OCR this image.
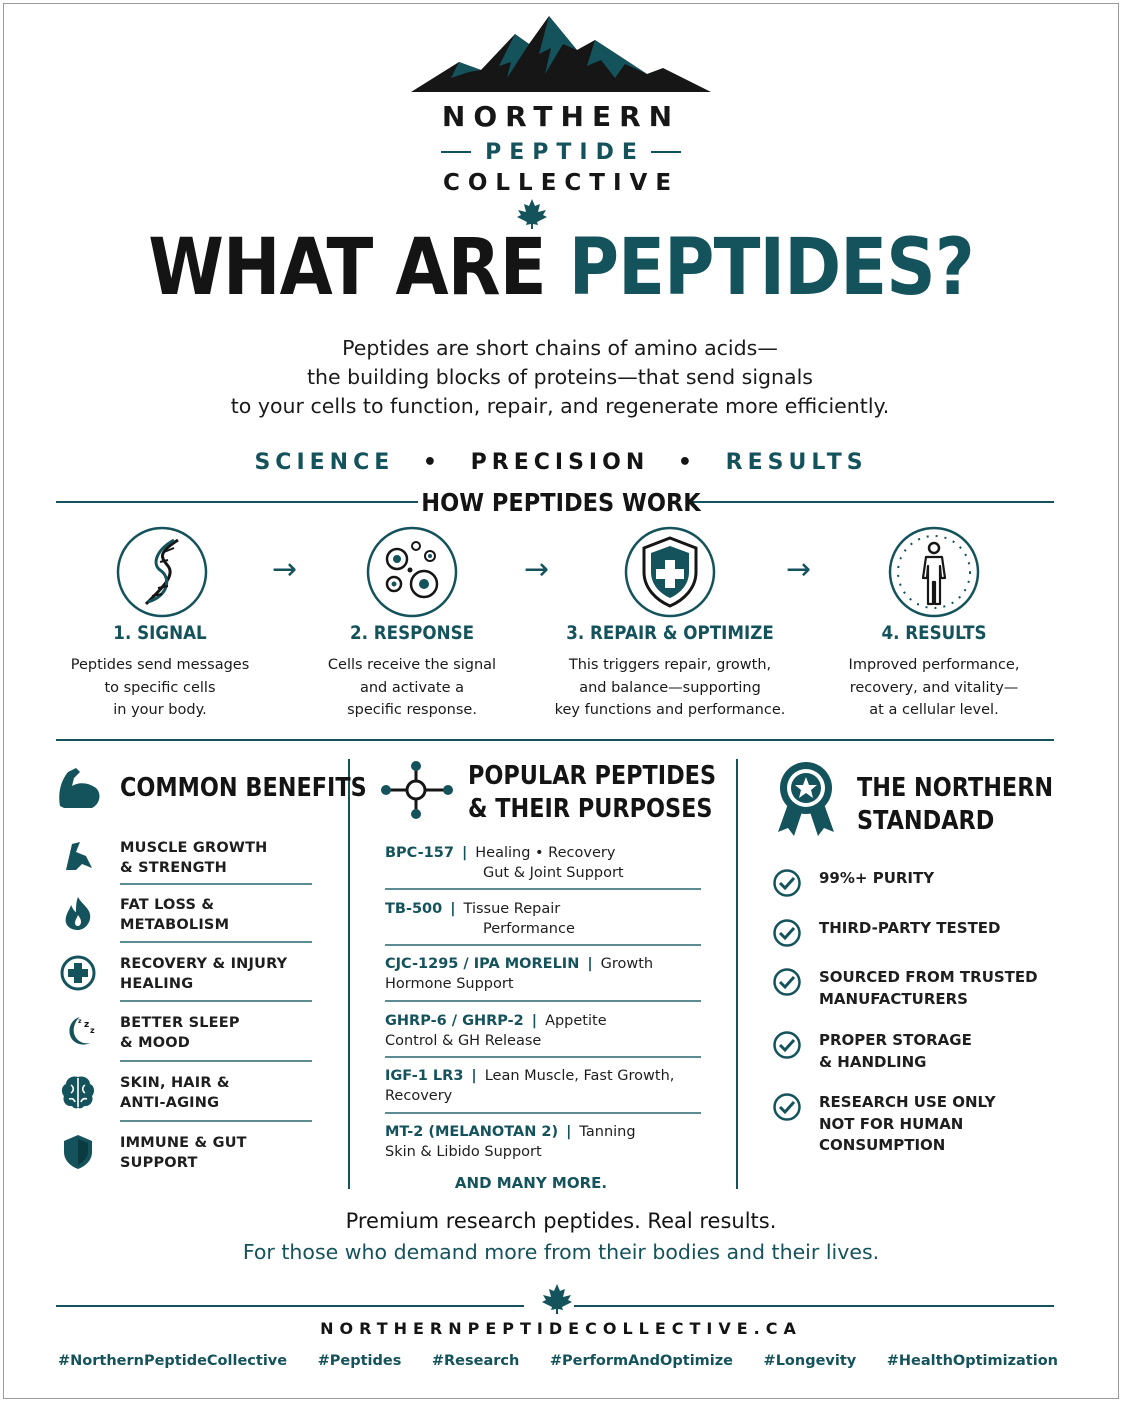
NORTHERN
PEPTIDE
COLLECTIVE
WHAT ARE PEPTIDES?
Peptides are short chains of amino acids—
the building blocks of proteins—that send signals
to your cells to function, repair, and regenerate more efficiently.
SCIENCE • PRECISION • RESULTS
HOW PEPTIDES WORK
→	→	→
1. SIGNAL	2. RESPONSE	3. REPAIR & OPTIMIZE	4. RESULTS
Peptides send messages
to specific cells
in your body.
Cells receive the signal
and activate a
specific response.
This triggers repair, growth,
and balance—supporting
key functions and performance.
Improved performance,
recovery, and vitality—
at a cellular level.
COMMON BENEFITS
MUSCLE GROWTH
& STRENGTH
FAT LOSS &
METABOLISM
RECOVERY & INJURY
HEALING
z
z
z	BETTER SLEEP
& MOOD
SKIN, HAIR &
ANTI-AGING
IMMUNE & GUT
SUPPORT
POPULAR PEPTIDES
& THEIR PURPOSES
BPC-157 | Healing • Recovery
Gut & Joint Support
TB-500 | Tissue Repair
Performance
CJC-1295 / IPA MORELIN | Growth
Hormone Support
GHRP-6 / GHRP-2 | Appetite
Control & GH Release
IGF-1 LR3 | Lean Muscle, Fast Growth,
Recovery
MT-2 (MELANOTAN 2) | Tanning
Skin & Libido Support
AND MANY MORE.
THE NORTHERN
STANDARD
99%+ PURITY
THIRD-PARTY TESTED
SOURCED FROM TRUSTED
MANUFACTURERS
PROPER STORAGE
& HANDLING
RESEARCH USE ONLY
NOT FOR HUMAN
CONSUMPTION
Premium research peptides. Real results.
For those who demand more from their bodies and their lives.
NORTHERNPEPTIDECOLLECTIVE.CA
#NorthernPeptideCollective #Peptides #Research #PerformAndOptimize #Longevity #HealthOptimization
